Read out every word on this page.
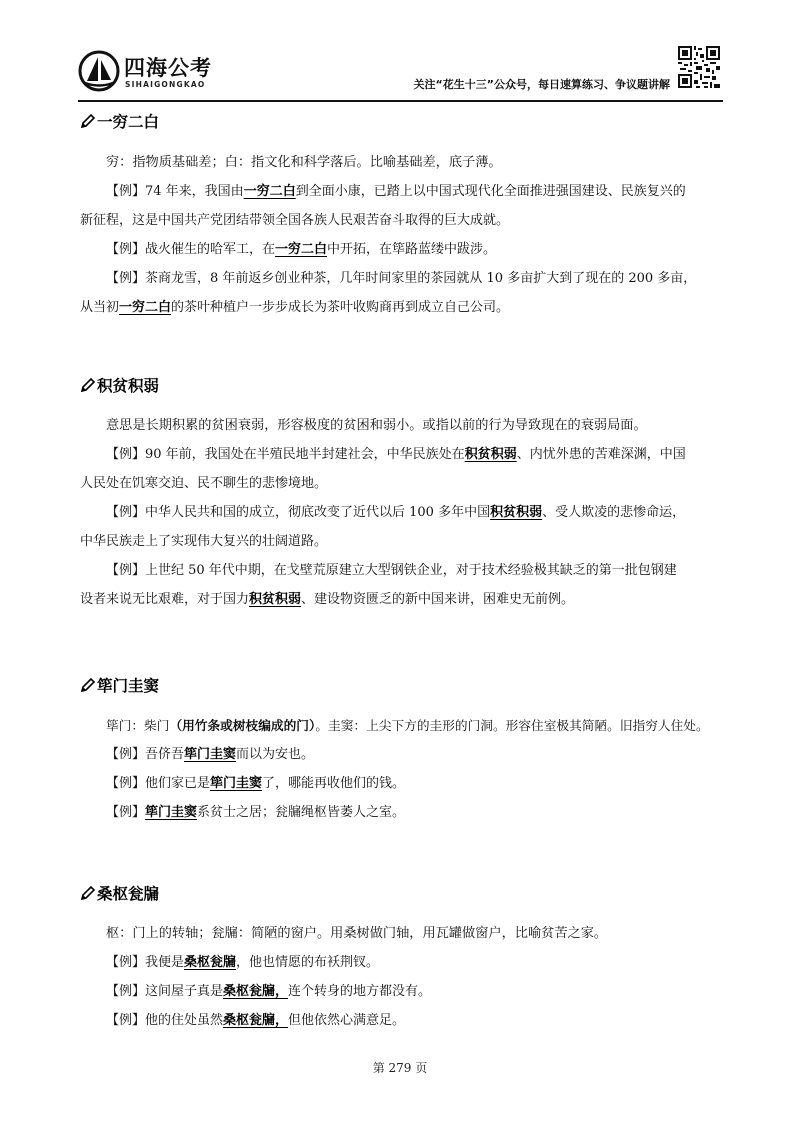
四海公考
SIHAIGONGKAO	关注“花生十三”公众号，每日速算练习、争议题讲解
一穷二白

穷：指物质基础差；白：指文化和科学落后。比喻基础差，底子薄。

【例】74 年来，我国由一穷二白到全面小康，已踏上以中国式现代化全面推进强国建设、民族复兴的

新征程，这是中国共产党团结带领全国各族人民艰苦奋斗取得的巨大成就。

【例】战火催生的哈军工，在一穷二白中开拓，在筚路蓝缕中跋涉。

【例】茶商龙雪，8 年前返乡创业种茶，几年时间家里的茶园就从 10 多亩扩大到了现在的 200 多亩，

从当初一穷二白的茶叶种植户一步步成长为茶叶收购商再到成立自己公司。

积贫积弱

意思是长期积累的贫困衰弱，形容极度的贫困和弱小。或指以前的行为导致现在的衰弱局面。

【例】90 年前，我国处在半殖民地半封建社会，中华民族处在积贫积弱、内忧外患的苦难深渊，中国

人民处在饥寒交迫、民不聊生的悲惨境地。

【例】中华人民共和国的成立，彻底改变了近代以后 100 多年中国积贫积弱、受人欺凌的悲惨命运，

中华民族走上了实现伟大复兴的壮阔道路。

【例】上世纪 50 年代中期，在戈壁荒原建立大型钢铁企业，对于技术经验极其缺乏的第一批包钢建

设者来说无比艰难，对于国力积贫积弱、建设物资匮乏的新中国来讲，困难史无前例。

筚门圭窦

筚门：柴门（用竹条或树枝编成的门）。圭窦：上尖下方的圭形的门洞。形容住室极其简陋。旧指穷人住处。

【例】吾侪吾筚门圭窦而以为安也。

【例】他们家已是筚门圭窦了，哪能再收他们的钱。

【例】筚门圭窦系贫士之居；瓮牖绳枢皆萎人之室。

桑枢瓮牖

枢：门上的转轴；瓮牖：简陋的窗户。用桑树做门轴，用瓦罐做窗户，比喻贫苦之家。

【例】我便是桑枢瓮牖，他也情愿的布袄荆钗。

【例】这间屋子真是桑枢瓮牖，连个转身的地方都没有。

【例】他的住处虽然桑枢瓮牖，但他依然心满意足。

第 279 页
